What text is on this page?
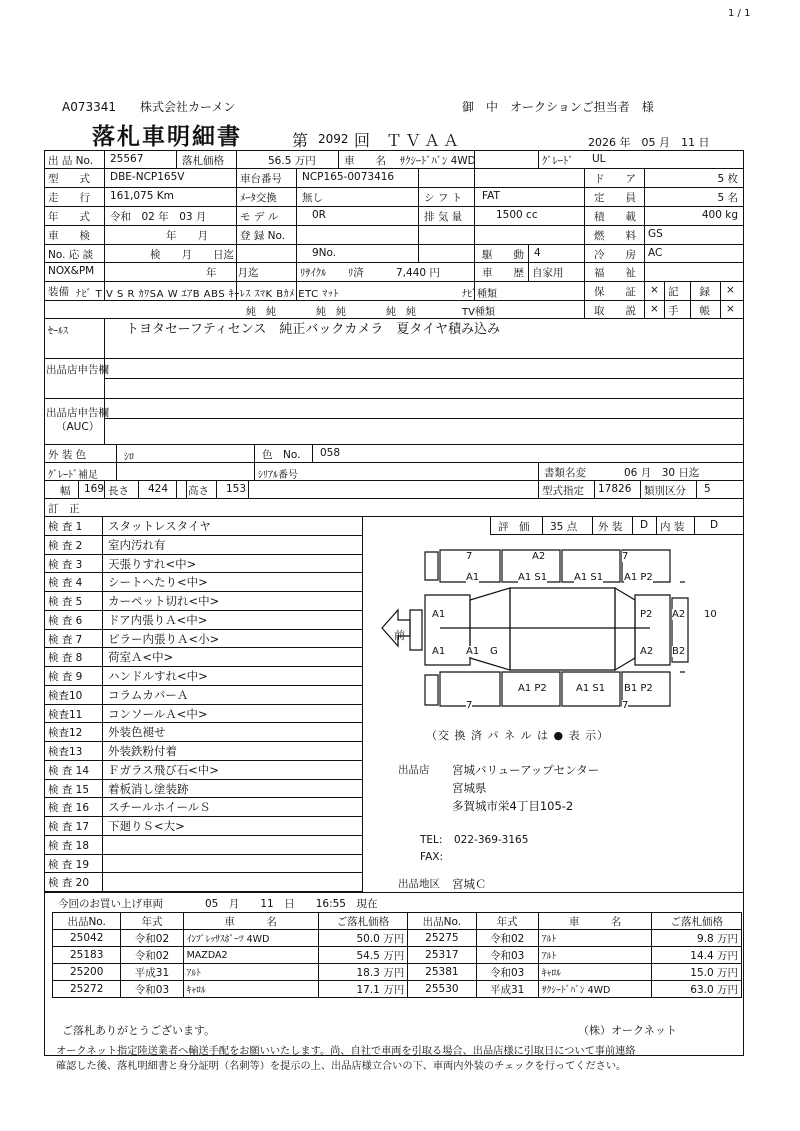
1 / 1
A073341　　株式会社カーメン	御　中　オークションご担当者　様
落札車明細書	第 2092 回 ＴＶＡＡ	2026 年　05 月　11 日
出 品 No. 25567	落札価格	56.5 万円	車　　名 ｻｸｼｰﾄﾞﾊﾞﾝ 4WD	ｸﾞﾚｰﾄﾞ UL
型　　式 DBE-NCP165V	車台番号 NCP165-0073416	ド　　ア	5 枚
走　　行 161,075 Km	ﾒｰﾀ交換 無し	シ フ ト FAT	定　　員	5 名
年　　式 令和　02 年　03 月	モ デ ル	0R	排 気 量	1500 cc	積　　載	400 kg
車　　検	年　　月	登 録 No.	燃　　料 GS
No. 応 談	検　　月　　日迄	9No.	駆　　動 4	冷　　房 AC
NOX&PM	年　　月迄	ﾘｻｲｸﾙ ﾘ済	7,440 円	車　　歴 自家用	福　　祉
装備 ﾅﾋﾞ T V S R ｶﾜSA W ｴｱB ABS ｷｰﾚｽ ｽﾏK Bｶﾒ ETC ﾏｯﾄ	ﾅﾋﾞ種類
純　純　　　　純　純　　　　純　純	TV種類
保　　証 × 記　　録 ×
取　　説 × 手　　帳 ×
ｾｰﾙｽ	トヨタセーフティセンス　純正バックカメラ　夏タイヤ積み込み
出品店申告欄
出品店申告欄
（AUC）
外 装 色	ｼﾛ	色　No. 058
ｸﾞﾚｰﾄﾞ補足	ｼﾘｱﾙ番号	書類名変	06 月　30 日迄
幅 169 長さ 424 高さ 153	型式指定 17826 類別区分 5
訂　正
検 査 1 スタットレスタイヤ
検 査 2 室内汚れ有
検 査 3 天張りすれ<中>
検 査 4 シートへたり<中>
検 査 5 カーペット切れ<中>
検 査 6 ドア内張りＡ<中>
検 査 7 ピラー内張りＡ<小>
検 査 8 荷室Ａ<中>
検 査 9 ハンドルすれ<中>
検査10 コラムカバーＡ
検査11 コンソールＡ<中>
検査12 外装色褪せ
検査13 外装鉄粉付着
検 査 14 Ｆガラス飛び石<中>
検 査 15 着板消し塗装跡
検 査 16 スチールホイールＳ
検 査 17 下廻りＳ<大>
検 査 18
検 査 19
検 査 20
評　価 35 点 外 装 D 内 装 D
前
7	A2	7
A1	A1 S1	A1 S1 A1 P2
A1	P2 A2 10
A1 A1 G	A2 B2
A1 P2	A1 S1 B1 P2
7	7
（交 換 済 パ ネ ル は ● 表 示）
出品店 宮城バリューアップセンター
宮城県
多賀城市栄4丁目105-2
TEL: 022-369-3165
FAX:
出品地区 宮城Ｃ
今回のお買い上げ車両　　　　05　月　　11　日　　16:55　現在
出品No.	年式	車　　　名	ご落札価格	出品No.	年式	車　　　名	ご落札価格
25042	令和02	ｲﾝﾌﾟﾚｯｻｽﾎﾟｰﾂ 4WD	50.0 万円	25275	令和02	ｱﾙﾄ	9.8 万円
25183	令和02	MAZDA2	54.5 万円	25317	令和03	ｱﾙﾄ	14.4 万円
25200	平成31	ｱﾙﾄ	18.3 万円	25381	令和03	ｷｬﾛﾙ	15.0 万円
25272	令和03	ｷｬﾛﾙ	17.1 万円	25530	平成31	ｻｸｼｰﾄﾞﾊﾞﾝ 4WD	63.0 万円
ご落札ありがとうございます。	（株）オークネット
オークネット指定陸送業者へ輸送手配をお願いいたします。尚、自社で車両を引取る場合、出品店様に引取日について事前連絡
確認した後、落札明細書と身分証明（名刺等）を提示の上、出品店様立合いの下、車両内外装のチェックを行ってください。
